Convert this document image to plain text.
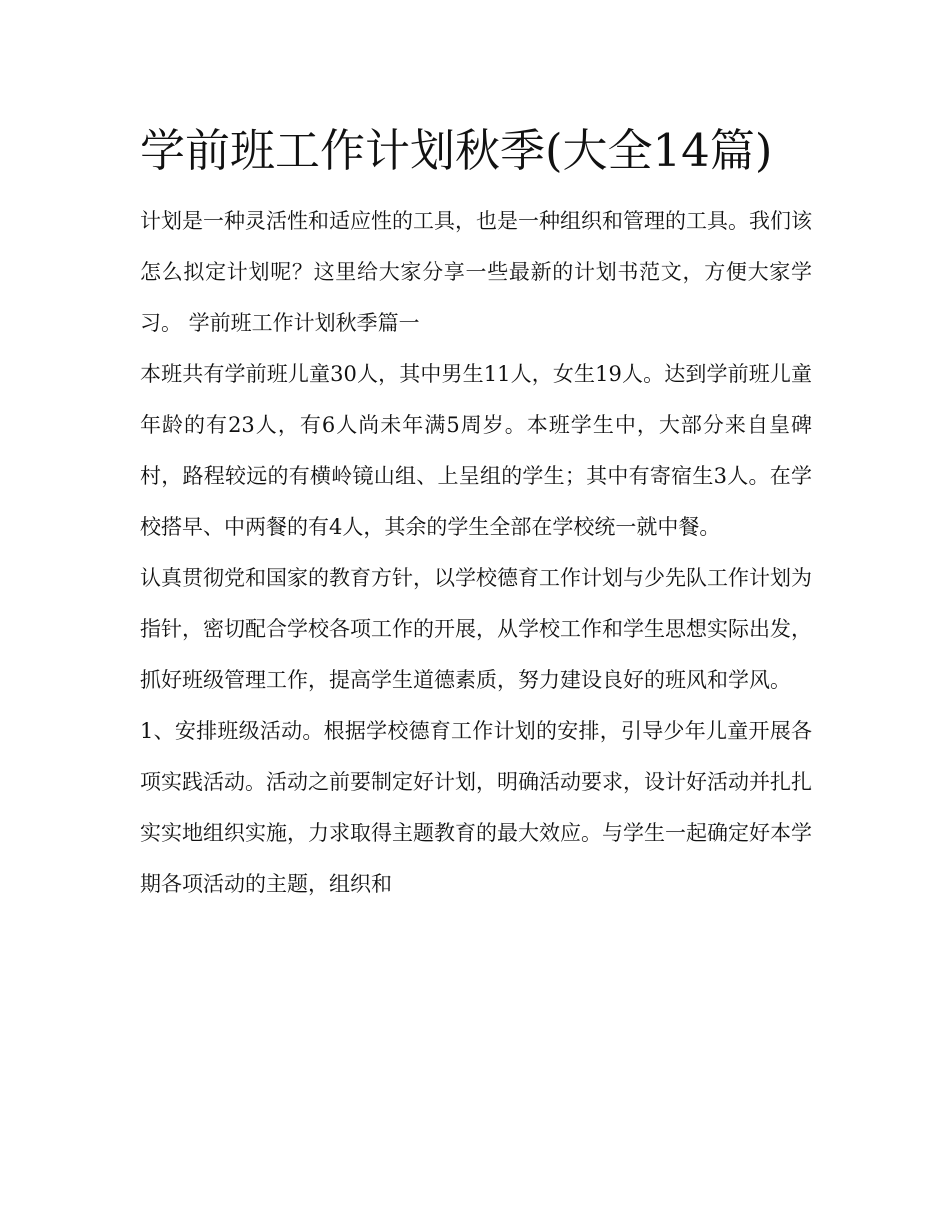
学前班工作计划秋季(大全14篇)

计划是一种灵活性和适应性的工具，也是一种组织和管理的工具。我们该怎么拟定计划呢？这里给大家分享一些最新的计划书范文，方便大家学习。 学前班工作计划秋季篇一

本班共有学前班儿童30人，其中男生11人，女生19人。达到学前班儿童年龄的有23人，有6人尚未年满5周岁。本班学生中，大部分来自皇碑村，路程较远的有横岭镜山组、上呈组的学生；其中有寄宿生3人。在学校搭早、中两餐的有4人，其余的学生全部在学校统一就中餐。

认真贯彻党和国家的教育方针，以学校德育工作计划与少先队工作计划为指针，密切配合学校各项工作的开展，从学校工作和学生思想实际出发，抓好班级管理工作，提高学生道德素质，努力建设良好的班风和学风。

1、安排班级活动。根据学校德育工作计划的安排，引导少年儿童开展各项实践活动。活动之前要制定好计划，明确活动要求，设计好活动并扎扎实实地组织实施，力求取得主题教育的最大效应。与学生一起确定好本学期各项活动的主题，组织和
